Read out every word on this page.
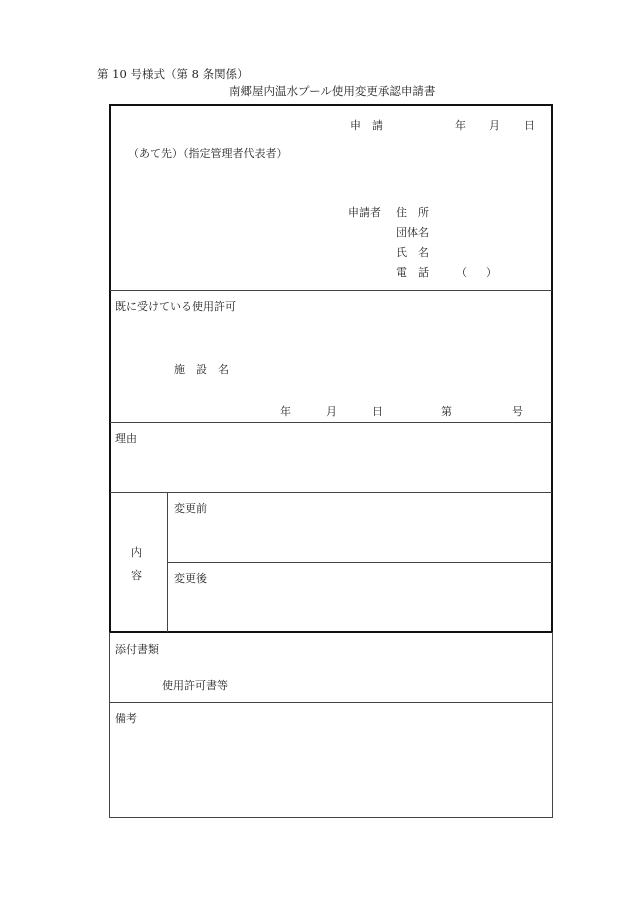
第 10 号様式（第 8 条関係）
南郷屋内温水プール使用変更承認申請書
申　請	年 月 日
（あて先）（指定管理者代表者）
申請者 住　所
団体名
氏　名
電　話 （ ）
既に受けている使用許可
施　設　名
年	月	日	第	号
理由
内
容
変更前
変更後
添付書類
使用許可書等
備考
